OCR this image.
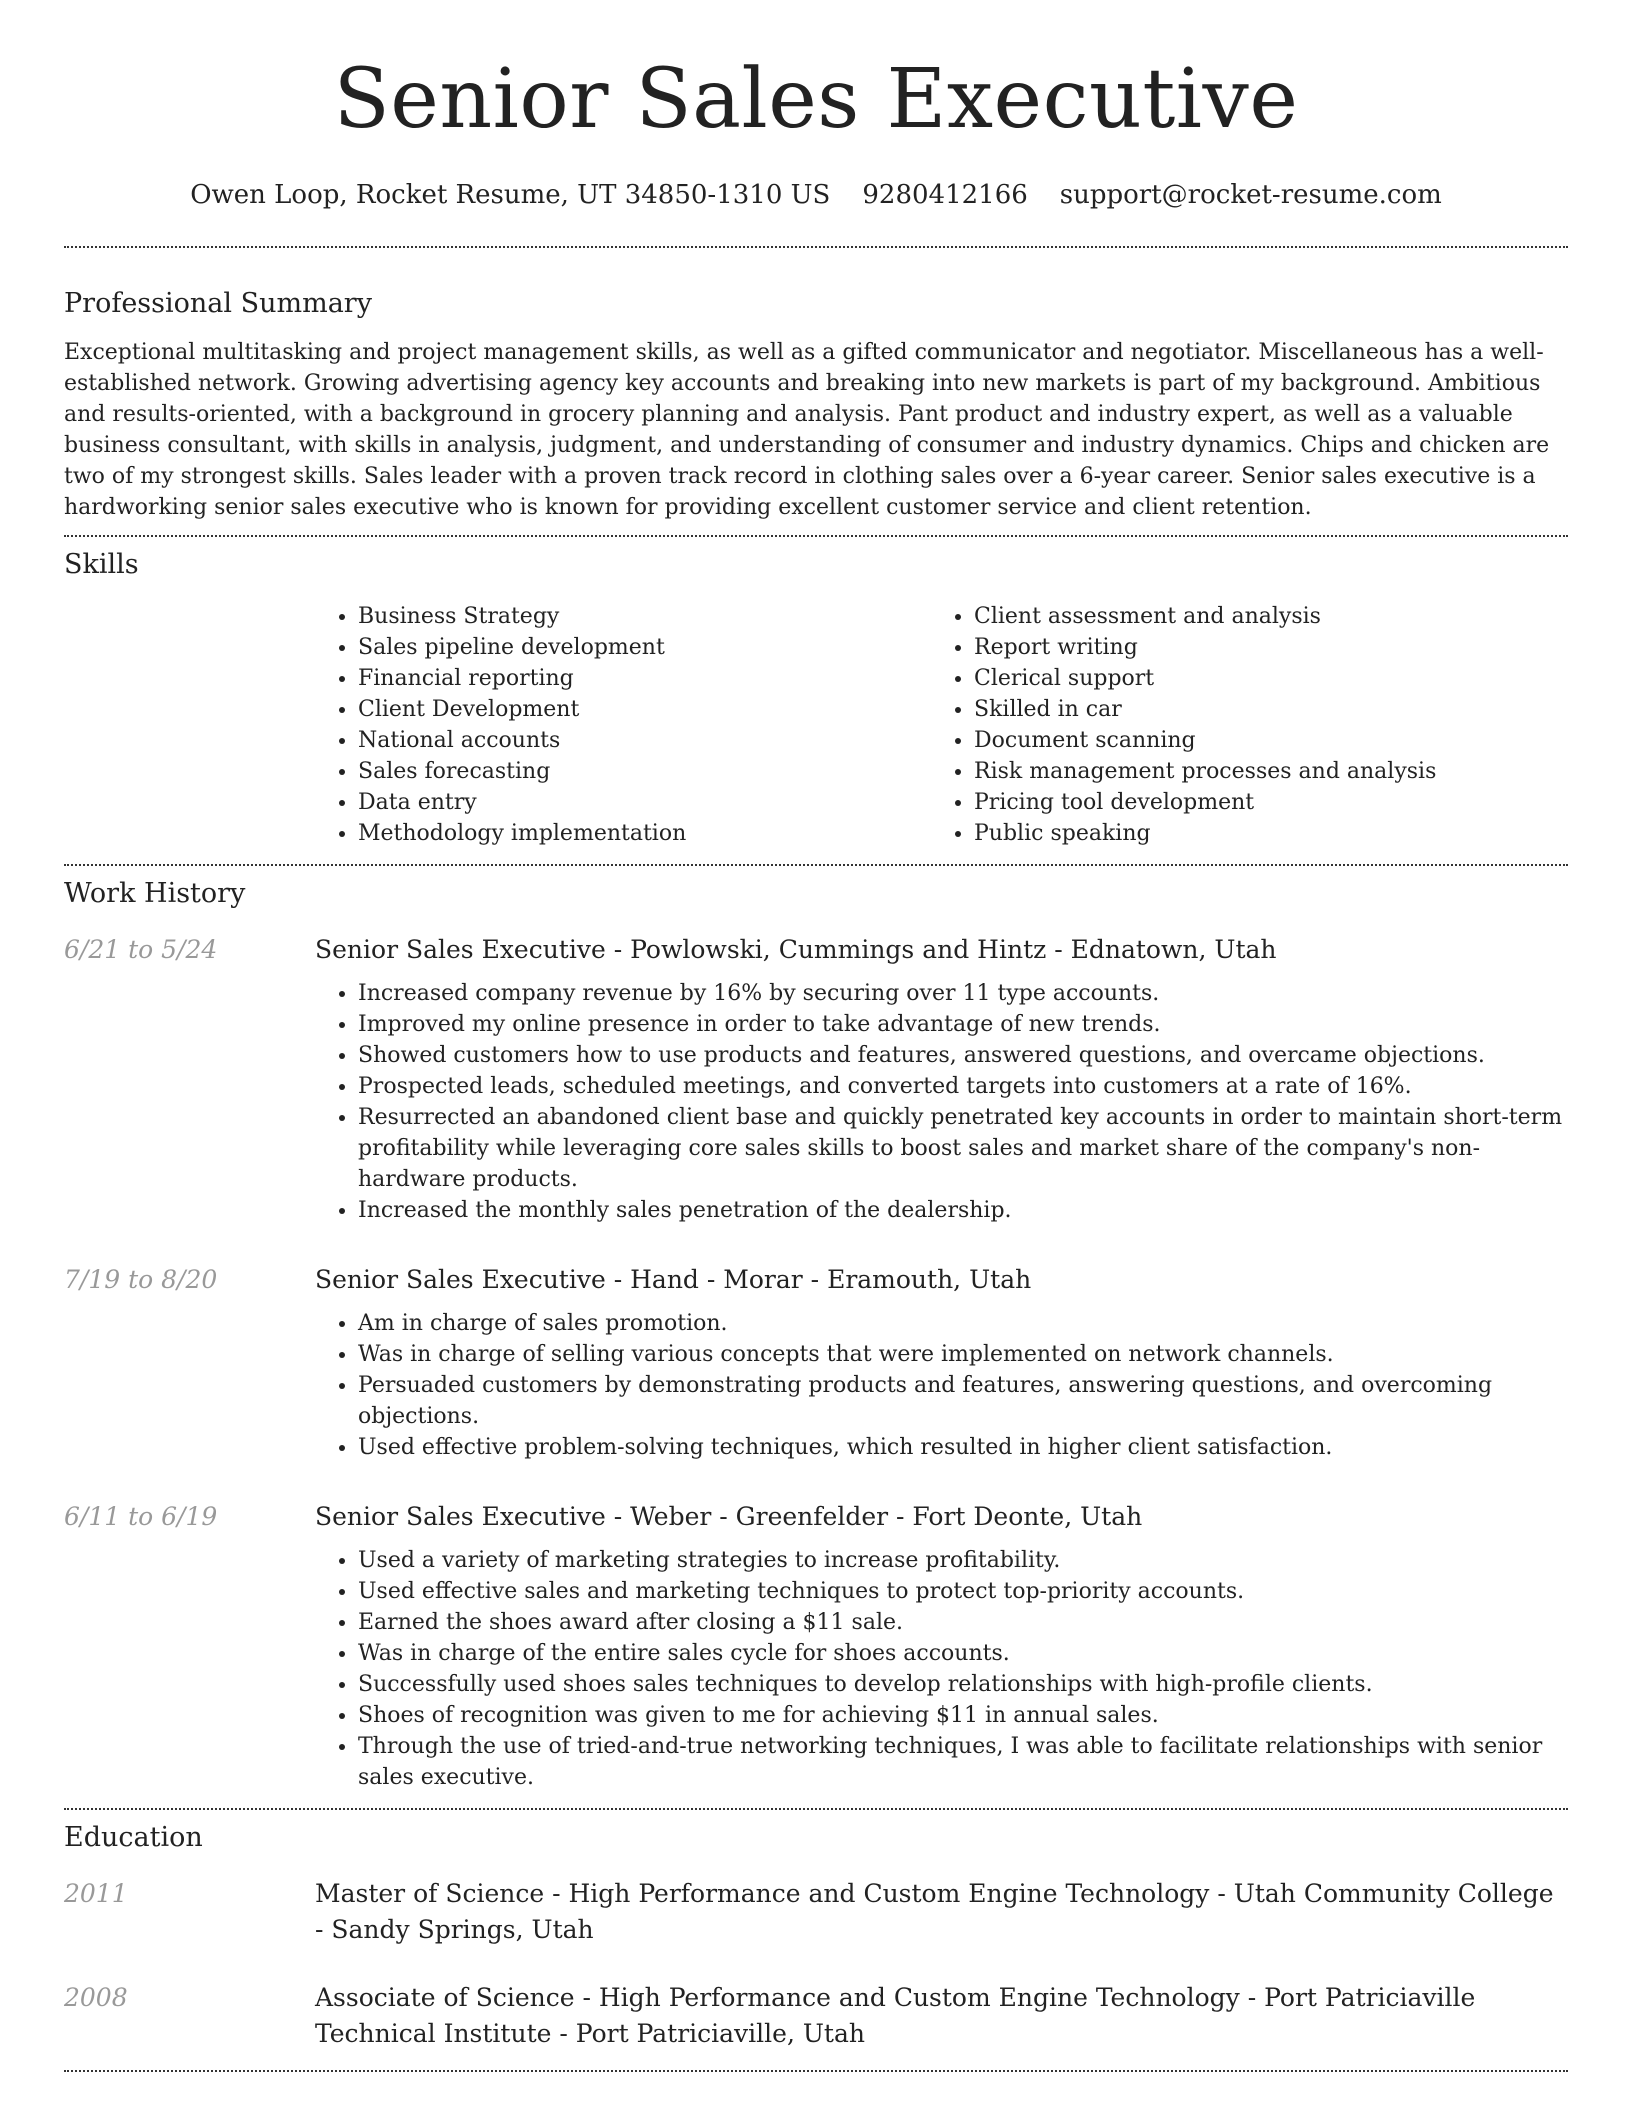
Senior Sales Executive
Owen Loop, Rocket Resume, UT 34850-1310 US 9280412166 support@rocket-resume.com
Professional Summary

Exceptional multitasking and project management skills, as well as a gifted communicator and negotiator. Miscellaneous has a well-established network. Growing advertising agency key accounts and breaking into new markets is part of my background. Ambitious and results-oriented, with a background in grocery planning and analysis. Pant product and industry expert, as well as a valuable business consultant, with skills in analysis, judgment, and understanding of consumer and industry dynamics. Chips and chicken are two of my strongest skills. Sales leader with a proven track record in clothing sales over a 6-year career. Senior sales executive is a hardworking senior sales executive who is known for providing excellent customer service and client retention.

Skills
• Business Strategy
• Sales pipeline development
• Financial reporting
• Client Development
• National accounts
• Sales forecasting
• Data entry
• Methodology implementation
• Client assessment and analysis
• Report writing
• Clerical support
• Skilled in car
• Document scanning
• Risk management processes and analysis
• Pricing tool development
• Public speaking
Work History
6/21 to 5/24	Senior Sales Executive - Powlowski, Cummings and Hintz - Ednatown, Utah

• Increased company revenue by 16% by securing over 11 type accounts.
• Improved my online presence in order to take advantage of new trends.
• Showed customers how to use products and features, answered questions, and overcame objections.
• Prospected leads, scheduled meetings, and converted targets into customers at a rate of 16%.
• Resurrected an abandoned client base and quickly penetrated key accounts in order to maintain short-term profitability while leveraging core sales skills to boost sales and market share of the company's non-hardware products.
• Increased the monthly sales penetration of the dealership.
7/19 to 8/20	Senior Sales Executive - Hand - Morar - Eramouth, Utah

• Am in charge of sales promotion.
• Was in charge of selling various concepts that were implemented on network channels.
• Persuaded customers by demonstrating products and features, answering questions, and overcoming objections.
• Used effective problem-solving techniques, which resulted in higher client satisfaction.
6/11 to 6/19	Senior Sales Executive - Weber - Greenfelder - Fort Deonte, Utah

• Used a variety of marketing strategies to increase profitability.
• Used effective sales and marketing techniques to protect top-priority accounts.
• Earned the shoes award after closing a $11 sale.
• Was in charge of the entire sales cycle for shoes accounts.
• Successfully used shoes sales techniques to develop relationships with high-profile clients.
• Shoes of recognition was given to me for achieving $11 in annual sales.
• Through the use of tried-and-true networking techniques, I was able to facilitate relationships with senior sales executive.
Education
2011	Master of Science - High Performance and Custom Engine Technology - Utah Community College - Sandy Springs, Utah

2008	Associate of Science - High Performance and Custom Engine Technology - Port Patriciaville Technical Institute - Port Patriciaville, Utah
